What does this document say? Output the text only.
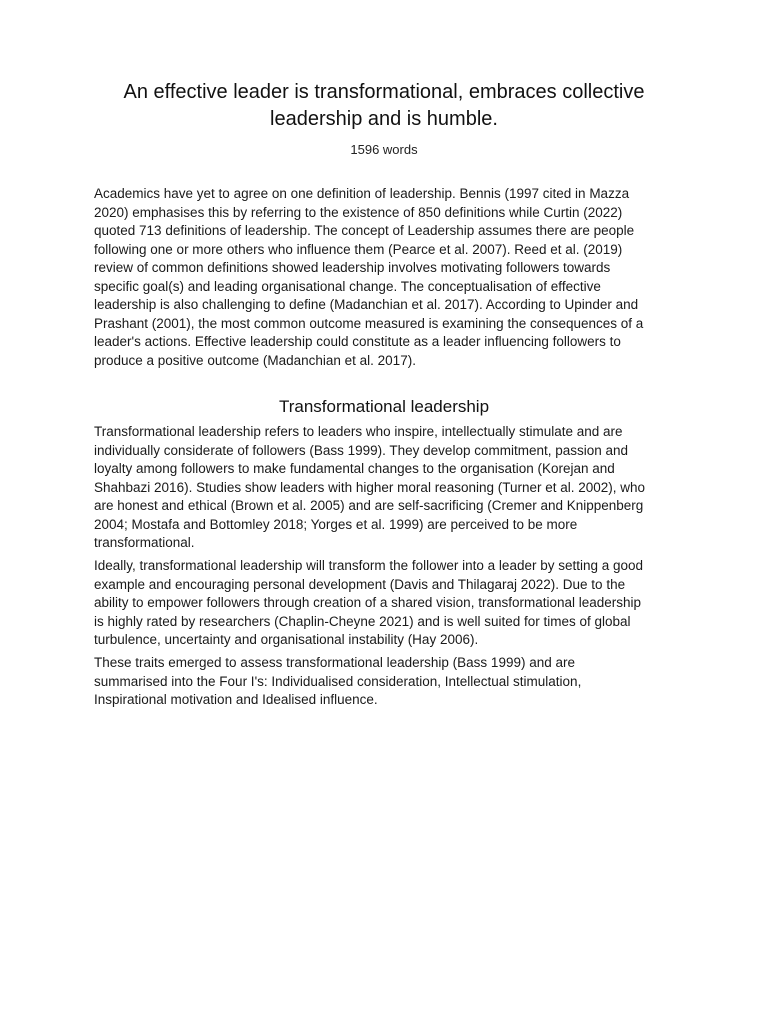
An effective leader is transformational, embraces collective
leadership and is humble.

1596 words

Academics have yet to agree on one definition of leadership. Bennis (1997 cited in Mazza
2020) emphasises this by referring to the existence of 850 definitions while Curtin (2022)
quoted 713 definitions of leadership. The concept of Leadership assumes there are people
following one or more others who influence them (Pearce et al. 2007). Reed et al. (2019)
review of common definitions showed leadership involves motivating followers towards
specific goal(s) and leading organisational change. The conceptualisation of effective
leadership is also challenging to define (Madanchian et al. 2017). According to Upinder and
Prashant (2001), the most common outcome measured is examining the consequences of a
leader's actions. Effective leadership could constitute as a leader influencing followers to
produce a positive outcome (Madanchian et al. 2017).
Transformational leadership
Transformational leadership refers to leaders who inspire, intellectually stimulate and are
individually considerate of followers (Bass 1999). They develop commitment, passion and
loyalty among followers to make fundamental changes to the organisation (Korejan and
Shahbazi 2016). Studies show leaders with higher moral reasoning (Turner et al. 2002), who
are honest and ethical (Brown et al. 2005) and are self-sacrificing (Cremer and Knippenberg
2004; Mostafa and Bottomley 2018; Yorges et al. 1999) are perceived to be more
transformational.
Ideally, transformational leadership will transform the follower into a leader by setting a good
example and encouraging personal development (Davis and Thilagaraj 2022). Due to the
ability to empower followers through creation of a shared vision, transformational leadership
is highly rated by researchers (Chaplin-Cheyne 2021) and is well suited for times of global
turbulence, uncertainty and organisational instability (Hay 2006).
These traits emerged to assess transformational leadership (Bass 1999) and are
summarised into the Four I's: Individualised consideration, Intellectual stimulation,
Inspirational motivation and Idealised influence.
